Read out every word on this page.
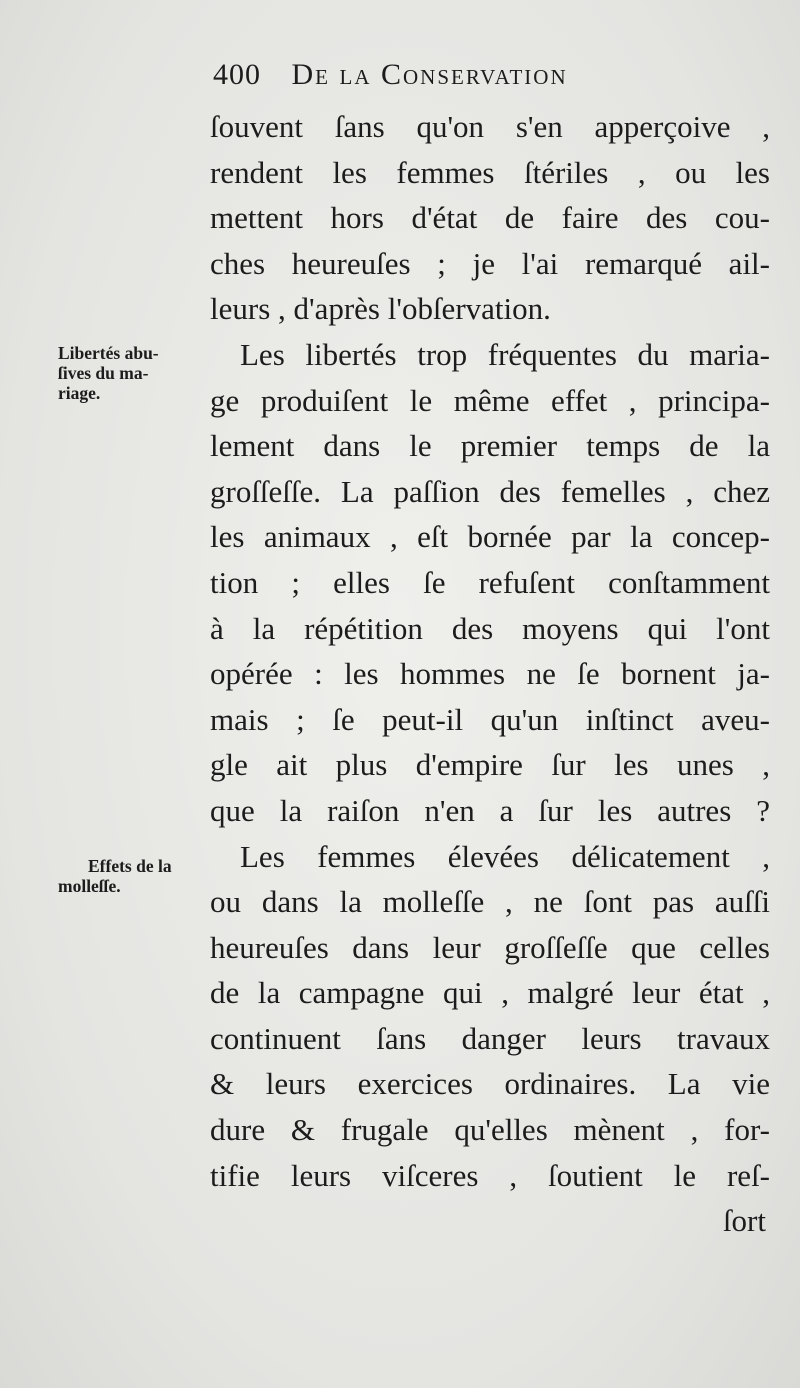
400 De la Conservation
Libertés abu-
ſives du ma-
riage.
Effets de la
molleſſe.
ſouvent ſans qu'on s'en apperçoive ,
rendent les femmes ſtériles , ou les
mettent hors d'état de faire des cou-
ches heureuſes ; je l'ai remarqué ail-
leurs , d'après l'obſervation.
Les libertés trop fréquentes du maria-
ge produiſent le même effet , principa-
lement dans le premier temps de la
groſſeſſe. La paſſion des femelles , chez
les animaux , eſt bornée par la concep-
tion ; elles ſe refuſent conſtamment
à la répétition des moyens qui l'ont
opérée : les hommes ne ſe bornent ja-
mais ; ſe peut-il qu'un inſtinct aveu-
gle ait plus d'empire ſur les unes ,
que la raiſon n'en a ſur les autres ?
Les femmes élevées délicatement ,
ou dans la molleſſe , ne ſont pas auſſi
heureuſes dans leur groſſeſſe que celles
de la campagne qui , malgré leur état ,
continuent ſans danger leurs travaux
& leurs exercices ordinaires. La vie
dure & frugale qu'elles mènent , for-
tifie leurs viſceres , ſoutient le reſ-
ſort
